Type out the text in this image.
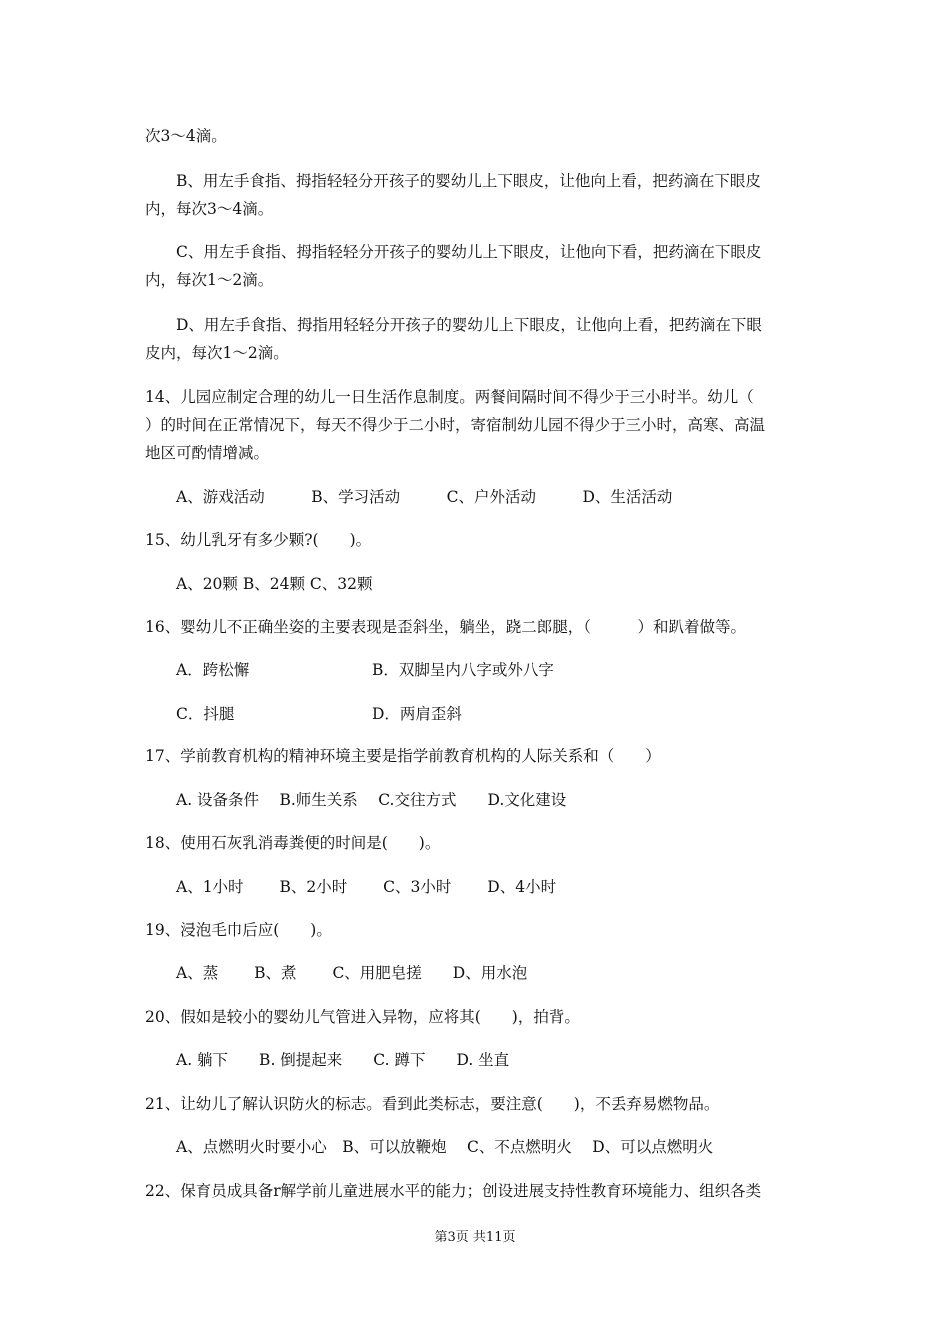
次3～4滴。
B、用左手食指、拇指轻轻分开孩子的婴幼儿上下眼皮，让他向上看，把药滴在下眼皮
内，每次3～4滴。
C、用左手食指、拇指轻轻分开孩子的婴幼儿上下眼皮，让他向下看，把药滴在下眼皮
内，每次1～2滴。
D、用左手食指、拇指用轻轻分开孩子的婴幼儿上下眼皮，让他向上看，把药滴在下眼
皮内，每次1～2滴。
14、儿园应制定合理的幼儿一日生活作息制度。两餐间隔时间不得少于三小时半。幼儿（
）的时间在正常情况下，每天不得少于二小时，寄宿制幼儿园不得少于三小时，高寒、高温
地区可酌情增减。
A、游戏活动　　　B、学习活动　　　C、户外活动　　　D、生活活动
15、幼儿乳牙有多少颗?(　　)。
A、20颗 B、24颗 C、32颗
16、婴幼儿不正确坐姿的主要表现是歪斜坐，躺坐，跷二郎腿，（　　　）和趴着做等。
A．跨松懈	B．双脚呈内八字或外八字
C．抖腿	D．两肩歪斜
17、学前教育机构的精神环境主要是指学前教育机构的人际关系和（　　）
A. 设备条件　 B.师生关系　 C.交往方式　　D.文化建设
18、使用石灰乳消毒粪便的时间是(　　)。
A、1小时　　 B、2小时　　 C、3小时　　 D、4小时
19、浸泡毛巾后应(　　)。
A、蒸　　 B、煮　　 C、用肥皂搓　　D、用水泡
20、假如是较小的婴幼儿气管进入异物，应将其(　　)，拍背。
A. 躺下　　B. 倒提起来　　C. 蹲下　　D. 坐直
21、让幼儿了解认识防火的标志。看到此类标志，要注意(　　)，不丢弃易燃物品。
A、点燃明火时要小心　B、可以放鞭炮　 C、不点燃明火　 D、可以点燃明火
22、保育员成具备r解学前儿童进展水平的能力；创设进展支持性教育环境能力、组织各类
第3页 共11页
